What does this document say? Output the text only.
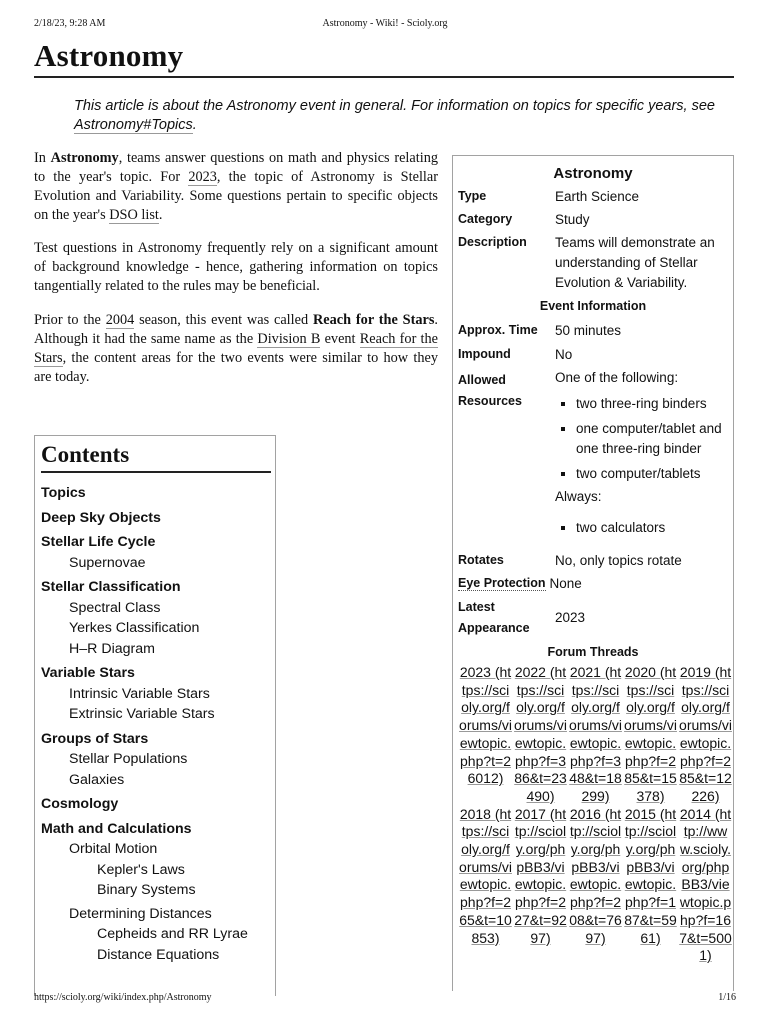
2/18/23, 9:28 AM	Astronomy - Wiki! - Scioly.org
Astronomy
This article is about the Astronomy event in general. For information on topics for specific years, see Astronomy#Topics.

In Astronomy, teams answer questions on math and physics relating to the year's topic. For 2023, the topic of Astronomy is Stellar Evolution and Variability. Some questions pertain to specific objects on the year's DSO list.

Test questions in Astronomy frequently rely on a significant amount of background knowledge - hence, gathering information on topics tangentially related to the rules may be beneficial.

Prior to the 2004 season, this event was called Reach for the Stars. Although it had the same name as the Division B event Reach for the Stars, the content areas for the two events were similar to how they are today.

Astronomy
Type	Earth Science
Category	Study
Description	Teams will demonstrate an understanding of Stellar Evolution & Variability.
Event Information
Approx. Time	50 minutes
Impound	No
Allowed
Resources
One of the following:
▪ two three-ring binders
▪ one computer/tablet and one three-ring binder
▪ two computer/tablets
Always:
▪ two calculators
Rotates	No, only topics rotate
Eye Protection None
Latest
Appearance
2023
Forum Threads
2023 (https://scioly.org/forums/viewtopic.php?t=26012)
2022 (https://scioly.org/forums/viewtopic.php?f=386&t=23490)
2021 (https://scioly.org/forums/viewtopic.php?f=348&t=18299)
2020 (https://scioly.org/forums/viewtopic.php?f=285&t=15378)
2019 (https://scioly.org/forums/viewtopic.php?f=285&t=12226)
2018 (https://scioly.org/forums/viewtopic.php?f=265&t=10853)
2017 (http://scioly.org/phpBB3/viewtopic.php?f=227&t=9297)
2016 (http://scioly.org/phpBB3/viewtopic.php?f=208&t=7697)
2015 (http://scioly.org/phpBB3/viewtopic.php?f=187&t=5961)
2014 (http://www.scioly.org/phpBB3/viewtopic.php?f=167&t=5001)
Contents
Topics
Deep Sky Objects
Stellar Life Cycle
Supernovae
Stellar Classification
Spectral Class
Yerkes Classification
H–R Diagram
Variable Stars
Intrinsic Variable Stars
Extrinsic Variable Stars
Groups of Stars
Stellar Populations
Galaxies
Cosmology
Math and Calculations
Orbital Motion
Kepler's Laws
Binary Systems
Determining Distances
Cepheids and RR Lyrae
Distance Equations
https://scioly.org/wiki/index.php/Astronomy	1/16
